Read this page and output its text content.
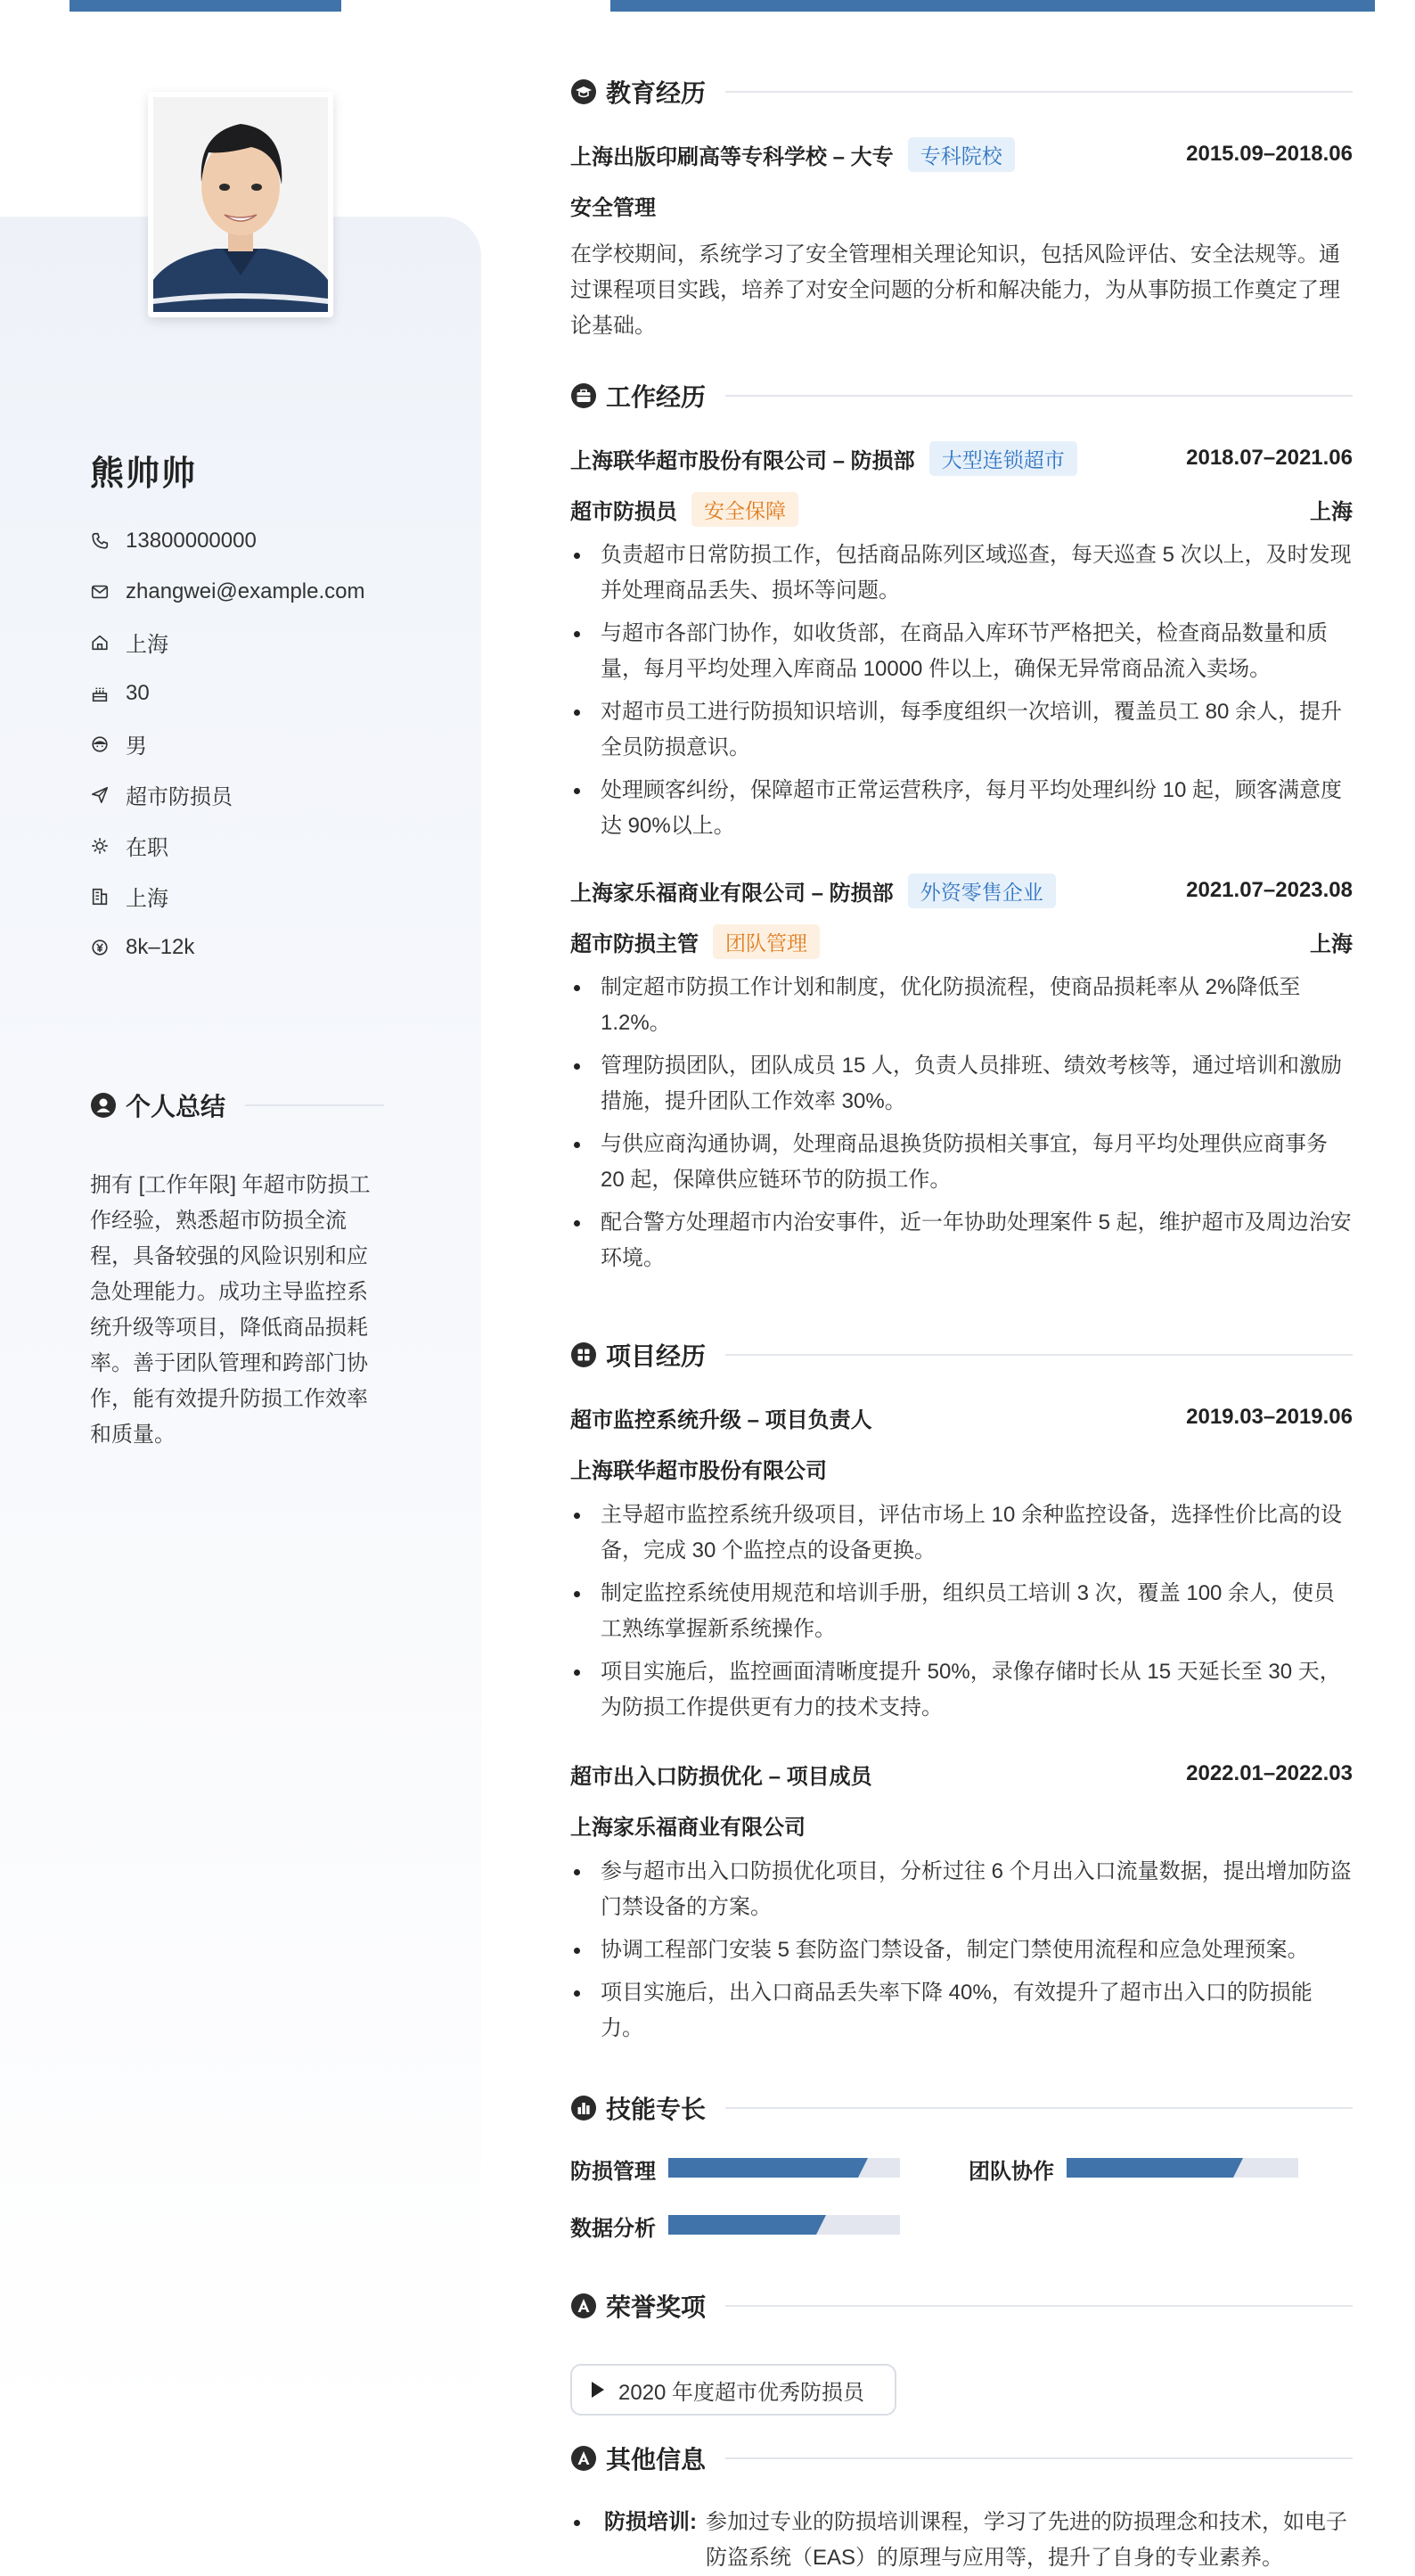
熊帅帅
13800000000
zhangwei@example.com
上海
30
男
超市防损员
在职
上海
8k–12k
个人总结
拥有 [工作年限] 年超市防损工作经验，熟悉超市防损全流程，具备较强的风险识别和应急处理能力。成功主导监控系统升级等项目，降低商品损耗率。善于团队管理和跨部门协作，能有效提升防损工作效率和质量。
教育经历
上海出版印刷高等专科学校 – 大专	专科院校	2015.09–2018.06
安全管理
在学校期间，系统学习了安全管理相关理论知识，包括风险评估、安全法规等。通过课程项目实践，培养了对安全问题的分析和解决能力，为从事防损工作奠定了理论基础。
工作经历
上海联华超市股份有限公司 – 防损部	大型连锁超市	2018.07–2021.06
超市防损员	安全保障	上海
负责超市日常防损工作，包括商品陈列区域巡查，每天巡查 5 次以上，及时发现并处理商品丢失、损坏等问题。
与超市各部门协作，如收货部，在商品入库环节严格把关，检查商品数量和质量，每月平均处理入库商品 10000 件以上，确保无异常商品流入卖场。
对超市员工进行防损知识培训，每季度组织一次培训，覆盖员工 80 余人，提升全员防损意识。
处理顾客纠纷，保障超市正常运营秩序，每月平均处理纠纷 10 起，顾客满意度达 90%以上。
上海家乐福商业有限公司 – 防损部	外资零售企业	2021.07–2023.08
超市防损主管	团队管理	上海
制定超市防损工作计划和制度，优化防损流程，使商品损耗率从 2%降低至 1.2%。
管理防损团队，团队成员 15 人，负责人员排班、绩效考核等，通过培训和激励措施，提升团队工作效率 30%。
与供应商沟通协调，处理商品退换货防损相关事宜，每月平均处理供应商事务 20 起，保障供应链环节的防损工作。
配合警方处理超市内治安事件，近一年协助处理案件 5 起，维护超市及周边治安环境。
项目经历
超市监控系统升级 – 项目负责人	2019.03–2019.06
上海联华超市股份有限公司
主导超市监控系统升级项目，评估市场上 10 余种监控设备，选择性价比高的设备，完成 30 个监控点的设备更换。
制定监控系统使用规范和培训手册，组织员工培训 3 次，覆盖 100 余人，使员工熟练掌握新系统操作。
项目实施后，监控画面清晰度提升 50%，录像存储时长从 15 天延长至 30 天，为防损工作提供更有力的技术支持。
超市出入口防损优化 – 项目成员	2022.01–2022.03
上海家乐福商业有限公司
参与超市出入口防损优化项目，分析过往 6 个月出入口流量数据，提出增加防盗门禁设备的方案。
协调工程部门安装 5 套防盗门禁设备，制定门禁使用流程和应急处理预案。
项目实施后，出入口商品丢失率下降 40%，有效提升了超市出入口的防损能力。
技能专长
防损管理	团队协作
数据分析
荣誉奖项
2020 年度超市优秀防损员
其他信息
防损培训: 参加过专业的防损培训课程，学习了先进的防损理念和技术，如电子防盗系统（EAS）的原理与应用等，提升了自身的专业素养。
